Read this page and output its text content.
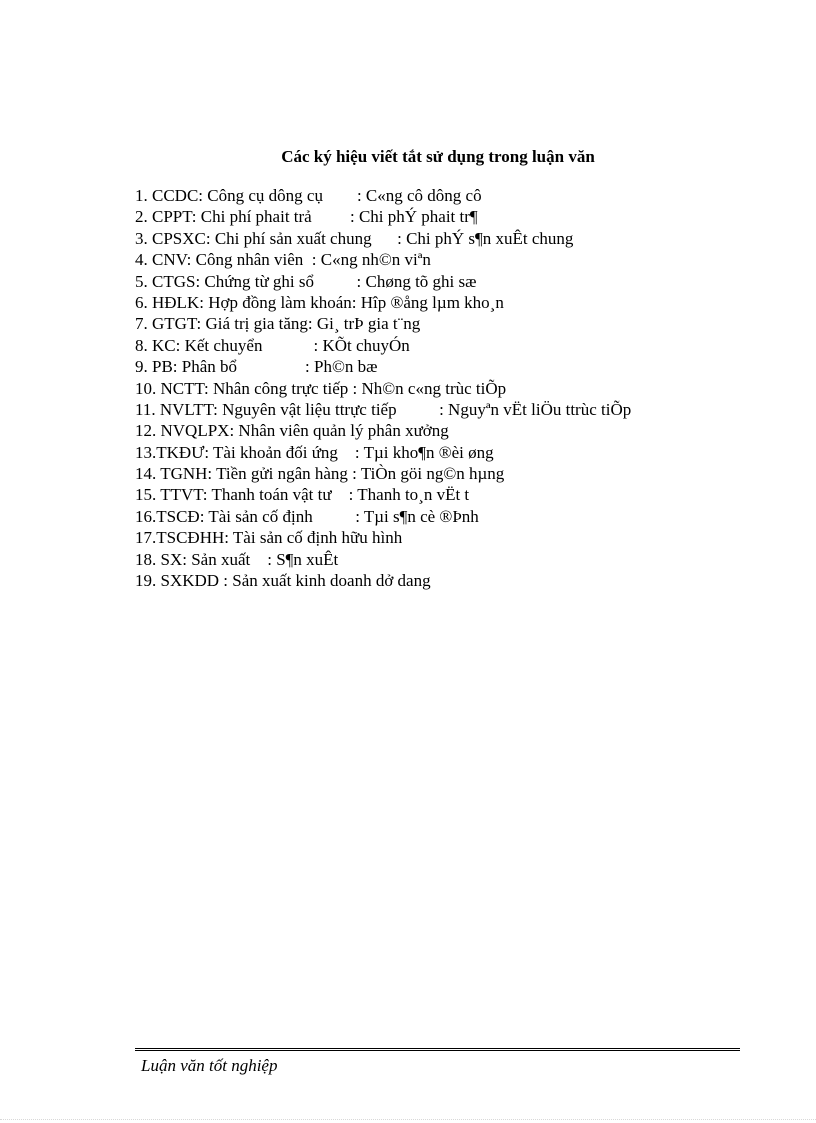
Các ký hiệu viết tắt sử dụng trong luận văn
1. CCDC: Công cụ dông cụ        : C«ng cô dông cô
2. CPPT: Chi phí phait trả         : Chi phÝ phait tr¶
3. CPSXC: Chi phí sản xuất chung      : Chi phÝ s¶n xuÊt chung
4. CNV: Công nhân viên  : C«ng nh©n viªn
5. CTGS: Chứng từ ghi sổ          : Chøng tõ ghi sæ
6. HĐLK: Hợp đồng làm khoán: Hîp ®ång lµm kho¸n
7. GTGT: Giá trị gia tăng: Gi¸ trÞ gia t¨ng
8. KC: Kết chuyển            : KÕt chuyÓn
9. PB: Phân bổ                : Ph©n bæ
10. NCTT: Nhân công trực tiếp : Nh©n c«ng trùc tiÕp
11. NVLTT: Nguyên vật liệu ttrực tiếp          : Nguyªn vËt liÖu ttrùc tiÕp
12. NVQLPX: Nhân viên quản lý phân xưởng
13.TKĐƯ: Tài khoản đối ứng    : Tµi kho¶n ®èi øng
14. TGNH: Tiền gửi ngân hàng : TiÒn göi ng©n hµng
15. TTVT: Thanh toán vật tư    : Thanh to¸n vËt t
16.TSCĐ: Tài sản cố định          : Tµi s¶n cè ®Þnh
17.TSCĐHH: Tài sản cố định hữu hình
18. SX: Sản xuất    : S¶n xuÊt
19. SXKDD : Sản xuất kinh doanh dở dang
Luận văn tốt nghiệp
